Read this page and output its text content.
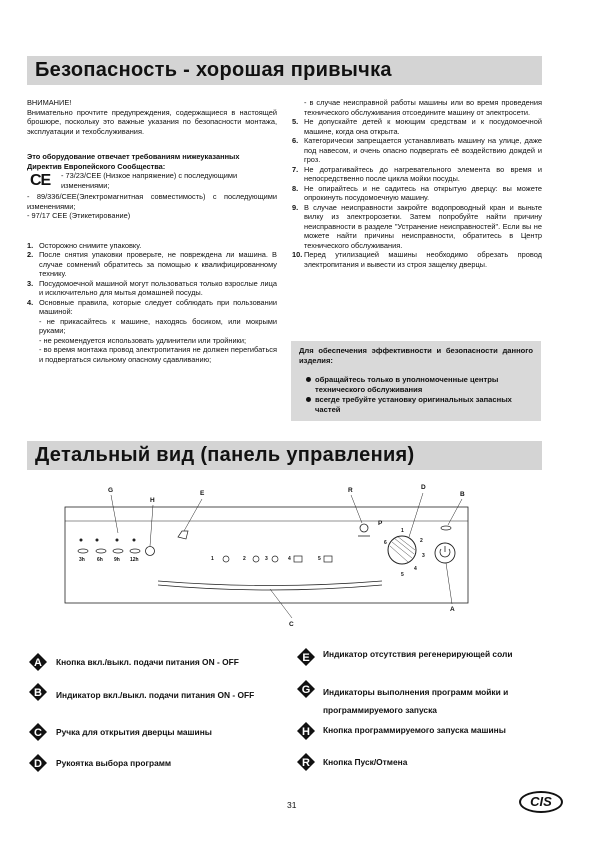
Безопасность - хорошая привычка

ВНИМАНИЕ!

Внимательно прочтите предупреждения, содержащиеся в настоящей брошюре, поскольку это важные указания по безопасности монтажа, эксплуатации и техобслуживания.

Это оборудование отвечает требованиям нижеуказанных Директив Европейского Сообщества:

- 73/23/CEE (Низкое напряжение) с последующими изменениями;

- 89/336/CEE(Электромагнитная совместимость) с последующими изменениями;

- 97/17 CEE (Этикетирование)

1. Осторожно снимите упаковку.
2. После снятия упаковки проверьте, не повреждена ли машина. В случае сомнений обратитесь за помощью к квалифицированному технику.
3. Посудомоечной машиной могут пользоваться только взрослые лица и исключительно для мытья домашней посуды.
4. Основные правила, которые следует соблюдать при пользовании машиной:
- не прикасайтесь к машине, находясь босиком, или мокрыми руками;
- не рекомендуется использовать удлинители или тройники;
- во время монтажа провод электропитания не должен перегибаться и подвергаться сильному опасному сдавливанию;
CE
- в случае неисправной работы машины или во время проведения технического обслуживания отсоедините машину от электросети.
5. Не допускайте детей к моющим средствам и к посудомоечной машине, когда она открыта.
6. Категорически запрещается устанавливать машину на улице, даже под навесом, и очень опасно подвергать её воздействию дождей и гроз.
7. Не дотрагивайтесь до нагревательного элемента во время и непосредственно после цикла мойки посуды.
8. Не опирайтесь и не садитесь на открытую дверцу: вы можете опрокинуть посудомоечную машину.
9. В случае неисправности закройте водопроводный кран и выньте вилку из электророзетки. Затем попробуйте найти причину неисправности в разделе "Устранение неисправностей". Если вы не можете найти причины неисправности, обратитесь в Центр технического обслуживания.
10. Перед утилизацией машины необходимо обрезать провод электропитания и вывести из строя защелку дверцы.

Для обеспечения эффективности и безопасности данного изделия:

обращайтесь только в уполномоченные центры технического обслуживания
всегде требуйте установку оригинальных запасных частей
Детальный вид (панель управления)
G
H
E	R	D
B
A
C
P
3h 6h 9h 12h	1	2	3	4	5
1
2
3
4
5
6
A Кнопка вкл./выкл. подачи питания ON - OFF
B	Индикатор вкл./выкл. подачи питания ON - OFF
C Ручка для открытия дверцы машины
D Рукоятка выбора программ
E Индикатор отсутствия регенерирующей соли
G Индикаторы выполнения программ мойки и программируемого запуска
H Кнопка программируемого запуска машины
R Кнопка Пуск/Отмена
31	CIS
